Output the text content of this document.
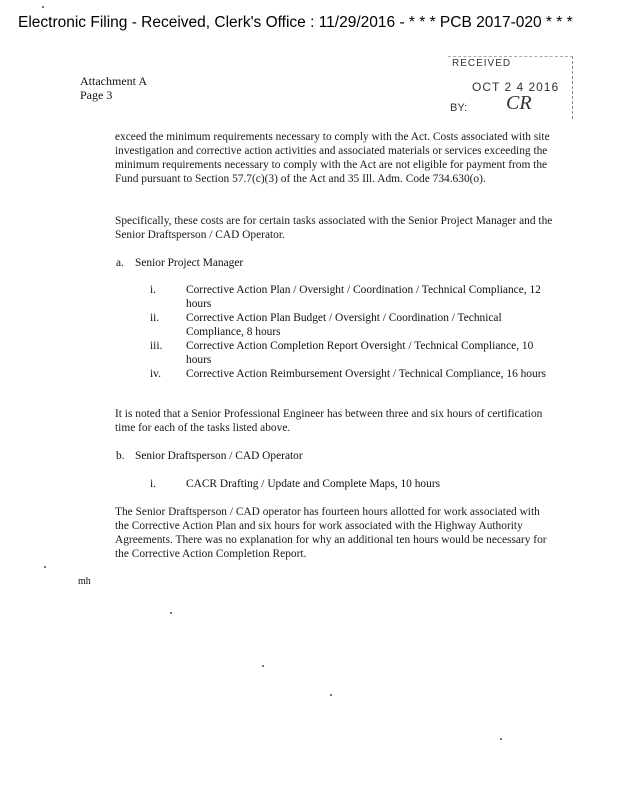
Electronic Filing - Received, Clerk's Office : 11/29/2016 - * * * PCB 2017-020 * * *
Attachment A
Page 3
RECEIVED
OCT 2 4 2016
BY: CR
exceed the minimum requirements necessary to comply with the Act. Costs associated with site investigation and corrective action activities and associated materials or services exceeding the minimum requirements necessary to comply with the Act are not eligible for payment from the Fund pursuant to Section 57.7(c)(3) of the Act and 35 Ill. Adm. Code 734.630(o).
Specifically, these costs are for certain tasks associated with the Senior Project Manager and the Senior Draftsperson / CAD Operator.
a. Senior Project Manager
i.	Corrective Action Plan / Oversight / Coordination / Technical Compliance, 12 hours
ii.	Corrective Action Plan Budget / Oversight / Coordination / Technical Compliance, 8 hours
iii.	Corrective Action Completion Report Oversight / Technical Compliance, 10 hours
iv.	Corrective Action Reimbursement Oversight / Technical Compliance, 16 hours
It is noted that a Senior Professional Engineer has between three and six hours of certification time for each of the tasks listed above.
b. Senior Draftsperson / CAD Operator
i.	CACR Drafting / Update and Complete Maps, 10 hours
The Senior Draftsperson / CAD operator has fourteen hours allotted for work associated with the Corrective Action Plan and six hours for work associated with the Highway Authority Agreements. There was no explanation for why an additional ten hours would be necessary for the Corrective Action Completion Report.
mh
